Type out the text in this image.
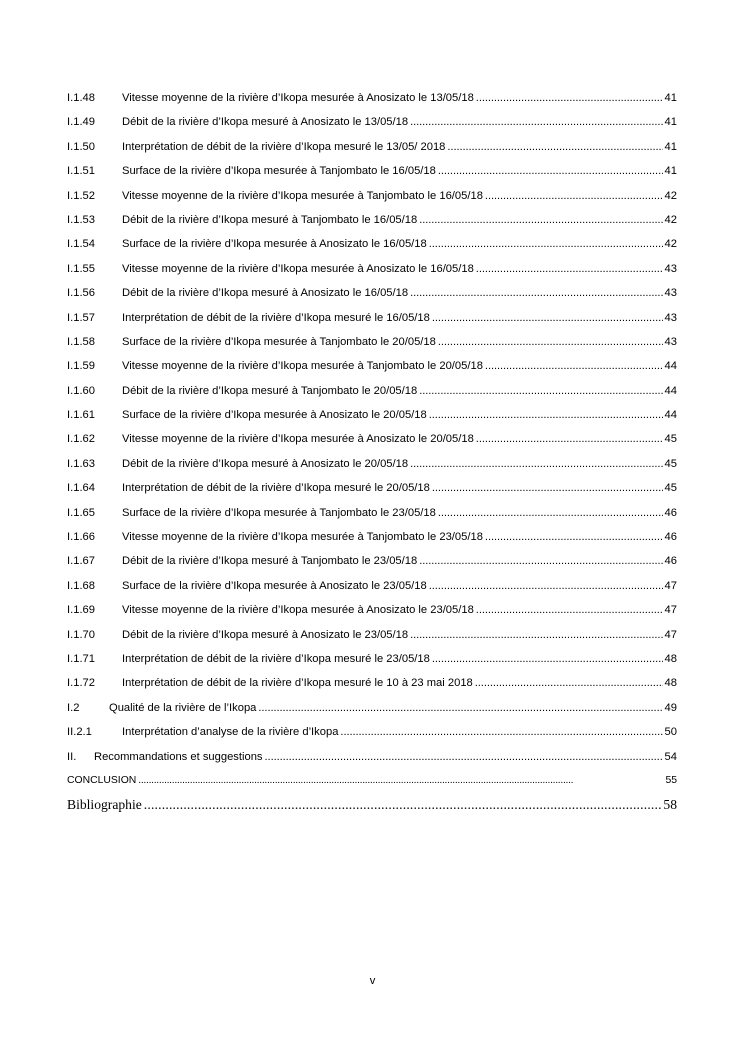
I.1.48	Vitesse moyenne de la rivière d’Ikopa mesurée à Anosizato le 13/05/18 . . .	41
I.1.49	Débit de la rivière d’Ikopa mesuré à Anosizato le 13/05/18 . . .	41
I.1.50	Interprétation de débit de la rivière d’Ikopa mesuré le 13/05/ 2018 . . .	41
I.1.51	Surface de la rivière d’Ikopa mesurée à Tanjombato le 16/05/18 . . .	41
I.1.52	Vitesse moyenne de la rivière d’Ikopa mesurée à Tanjombato le 16/05/18 . . .	42
I.1.53	Débit de la rivière d’Ikopa mesuré à Tanjombato le 16/05/18 . . .	42
I.1.54	Surface de la rivière d’Ikopa mesurée à Anosizato le 16/05/18 . . .	42
I.1.55	Vitesse moyenne de la rivière d’Ikopa mesurée à Anosizato le 16/05/18 . . .	43
I.1.56	Débit de la rivière d’Ikopa mesuré à Anosizato le 16/05/18 . . .	43
I.1.57	Interprétation de débit de la rivière d’Ikopa mesuré le 16/05/18 . . .	43
I.1.58	Surface de la rivière d’Ikopa mesurée à Tanjombato le 20/05/18 . . .	43
I.1.59	Vitesse moyenne de la rivière d’Ikopa mesurée à Tanjombato le 20/05/18 . . .	44
I.1.60	Débit de la rivière d’Ikopa mesuré à Tanjombato le 20/05/18 . . .	44
I.1.61	Surface de la rivière d’Ikopa mesurée à Anosizato le 20/05/18 . . .	44
I.1.62	Vitesse moyenne de la rivière d’Ikopa mesurée à Anosizato le 20/05/18 . . .	45
I.1.63	Débit de la rivière d’Ikopa mesuré à Anosizato le 20/05/18 . . .	45
I.1.64	Interprétation de débit de la rivière d’Ikopa mesuré le 20/05/18 . . .	45
I.1.65	Surface de la rivière d’Ikopa mesurée à Tanjombato le 23/05/18 . . .	46
I.1.66	Vitesse moyenne de la rivière d’Ikopa mesurée à Tanjombato le 23/05/18 . . .	46
I.1.67	Débit de la rivière d’Ikopa mesuré à Tanjombato le 23/05/18 . . .	46
I.1.68	Surface de la rivière d’Ikopa mesurée à Anosizato le 23/05/18 . . .	47
I.1.69	Vitesse moyenne de la rivière d’Ikopa mesurée à Anosizato le 23/05/18 . . .	47
I.1.70	Débit de la rivière d’Ikopa mesuré à Anosizato le 23/05/18 . . .	47
I.1.71	Interprétation de débit de la rivière d’Ikopa mesuré le 23/05/18 . . .	48
I.1.72	Interprétation de débit de la rivière d’Ikopa mesuré le 10 à 23 mai 2018 . . .	48
I.2	Qualité de la rivière de l’Ikopa . . .	49
II.2.1	Interprétation d’analyse de la rivière d’Ikopa . . .	50
II.	Recommandations et suggestions . . .	54
CONCLUSION . . .	55
Bibliographie . . .	58
v
